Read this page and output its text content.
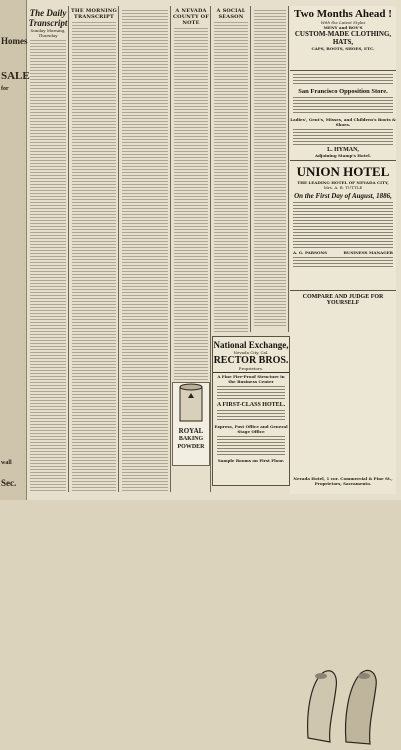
Homes
SALE
for
wall
Sec.
The Daily Transcript
Sunday Morning, Thursday
THE MORNING TRANSCRIPT
A NEVADA COUNTY OF NOTE
A SOCIAL SEASON
ROYAL
BAKING
POWDER
National Exchange,
Nevada City, Cal.
RECTOR BROS.
Proprietors.
A Fine Fire-Proof Structure in the Business Center
A FIRST-CLASS HOTEL.
Express, Post Office and General Stage Office
Sample Rooms on First Floor.
Two Months Ahead !
With the Latest Styles
MENY and BOY'S
CUSTOM-MADE CLOTHING, HATS,
CAPS, BOOTS, SHOES, ETC.
San Francisco Opposition Store.
Ladies', Gent's, Misses, and Children's Boots & Shoes.
L. HYMAN,
Adjoining Stamp's Hotel.
UNION HOTEL
THE LEADING HOTEL OF NEVADA CITY,
Mrs. A. B. TUTTLE
On the First Day of August, 1886,
A. G. PARSONS	BUSINESS MANAGER
COMPARE AND JUDGE FOR YOURSELF
Nevada Hotel, 1 cor. Commercial & Pine St., Proprietors, Sacramento.
